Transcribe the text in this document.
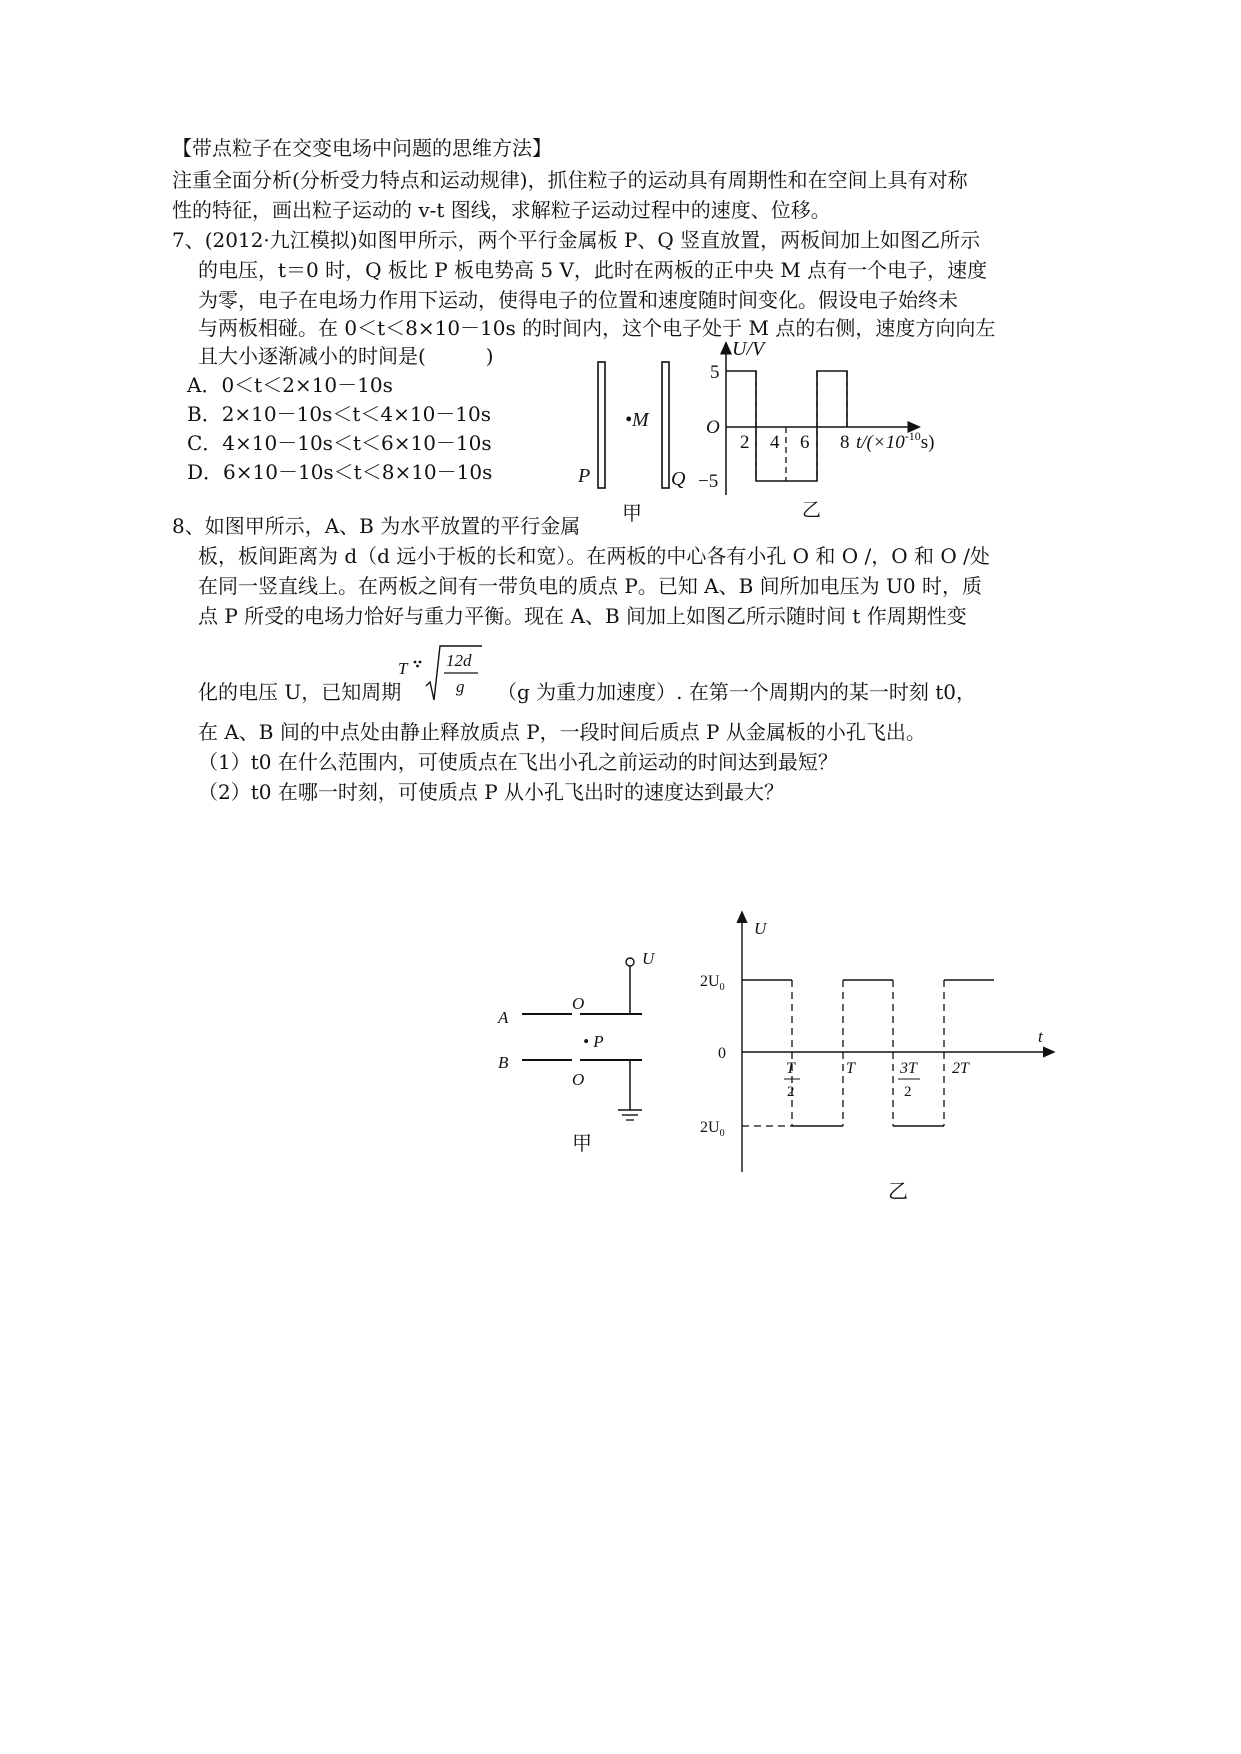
【带点粒子在交变电场中问题的思维方法】
注重全面分析(分析受力特点和运动规律)，抓住粒子的运动具有周期性和在空间上具有对称
性的特征，画出粒子运动的 v-t 图线，求解粒子运动过程中的速度、位移。
7、(2012·九江模拟)如图甲所示，两个平行金属板 P、Q 竖直放置，两板间加上如图乙所示
的电压，t＝0 时，Q 板比 P 板电势高 5 V，此时在两板的正中央 M 点有一个电子，速度
为零，电子在电场力作用下运动，使得电子的位置和速度随时间变化。假设电子始终未
与两板相碰。在 0＜t＜8×10－10s 的时间内，这个电子处于 M 点的右侧，速度方向向左
且大小逐渐减小的时间是(　　　)
A．0＜t＜2×10－10s
B．2×10－10s＜t＜4×10－10s
C．4×10－10s＜t＜6×10－10s
D．6×10－10s＜t＜8×10－10s
•M
P	Q
甲
U/V
5
O
−5
2 4 6 8 $t/(\times 10^{-10}s)$
乙
8、如图甲所示，A、B 为水平放置的平行金属
板，板间距离为 d（d 远小于板的长和宽）。在两板的中心各有小孔 O 和 O /，O 和 O /处
在同一竖直线上。在两板之间有一带负电的质点 P。已知 A、B 间所加电压为 U0 时，质
点 P 所受的电场力恰好与重力平衡。现在 A、B 间加上如图乙所示随时间 t 作周期性变
化的电压 U，已知周期
T 12d
g （g 为重力加速度）. 在第一个周期内的某一时刻 t0，
在 A、B 间的中点处由静止释放质点 P，一段时间后质点 P 从金属板的小孔飞出。
（1）t0 在什么范围内，可使质点在飞出小孔之前运动的时间达到最短？
（2）t0 在哪一时刻，可使质点 P 从小孔飞出时的速度达到最大？
U
A
O
• P
B
O
甲
U
t
0
$2U_0$
$2U_0$
T
2
T	3T
2
2T
乙
